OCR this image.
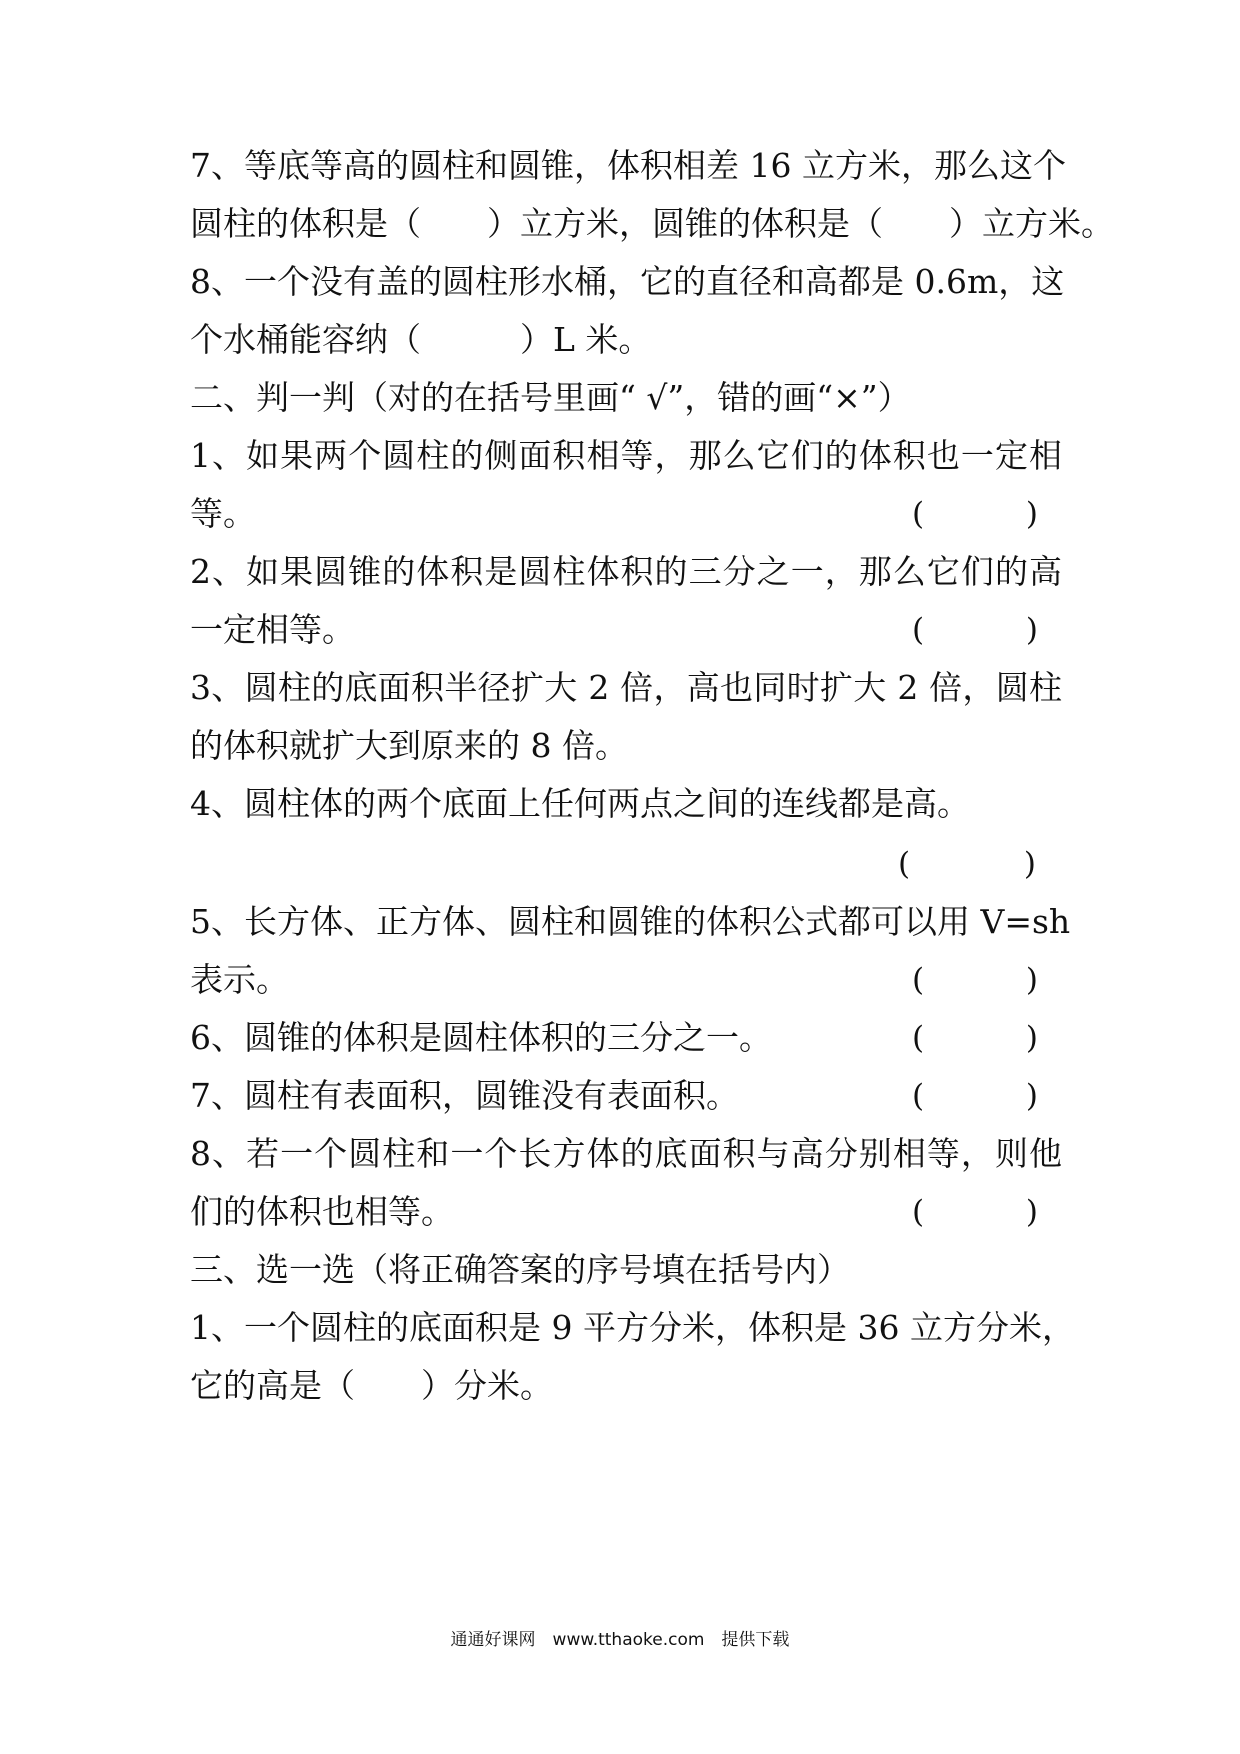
7、等底等高的圆柱和圆锥，体积相差 16 立方米，那么这个

圆柱的体积是（　　）立方米，圆锥的体积是（　　）立方米。

8、一个没有盖的圆柱形水桶，它的直径和高都是 0.6m，这

个水桶能容纳（　　　）L 米。

二、判一判（对的在括号里画“ √”，错的画“×”）

1、如果两个圆柱的侧面积相等，那么它们的体积也一定相

等。	(	)

2、如果圆锥的体积是圆柱体积的三分之一，那么它们的高

一定相等。	(	)

3、圆柱的底面积半径扩大 2 倍，高也同时扩大 2 倍，圆柱

的体积就扩大到原来的 8 倍。

4、圆柱体的两个底面上任何两点之间的连线都是高。

(	)

5、长方体、正方体、圆柱和圆锥的体积公式都可以用 V=sh

表示。	(	)

6、圆锥的体积是圆柱体积的三分之一。	(	)

7、圆柱有表面积，圆锥没有表面积。	(	)

8、若一个圆柱和一个长方体的底面积与高分别相等，则他

们的体积也相等。	(	)

三、选一选（将正确答案的序号填在括号内）

1、一个圆柱的底面积是 9 平方分米，体积是 36 立方分米，

它的高是（　　）分米。

通通好课网　www.tthaoke.com　提供下载
